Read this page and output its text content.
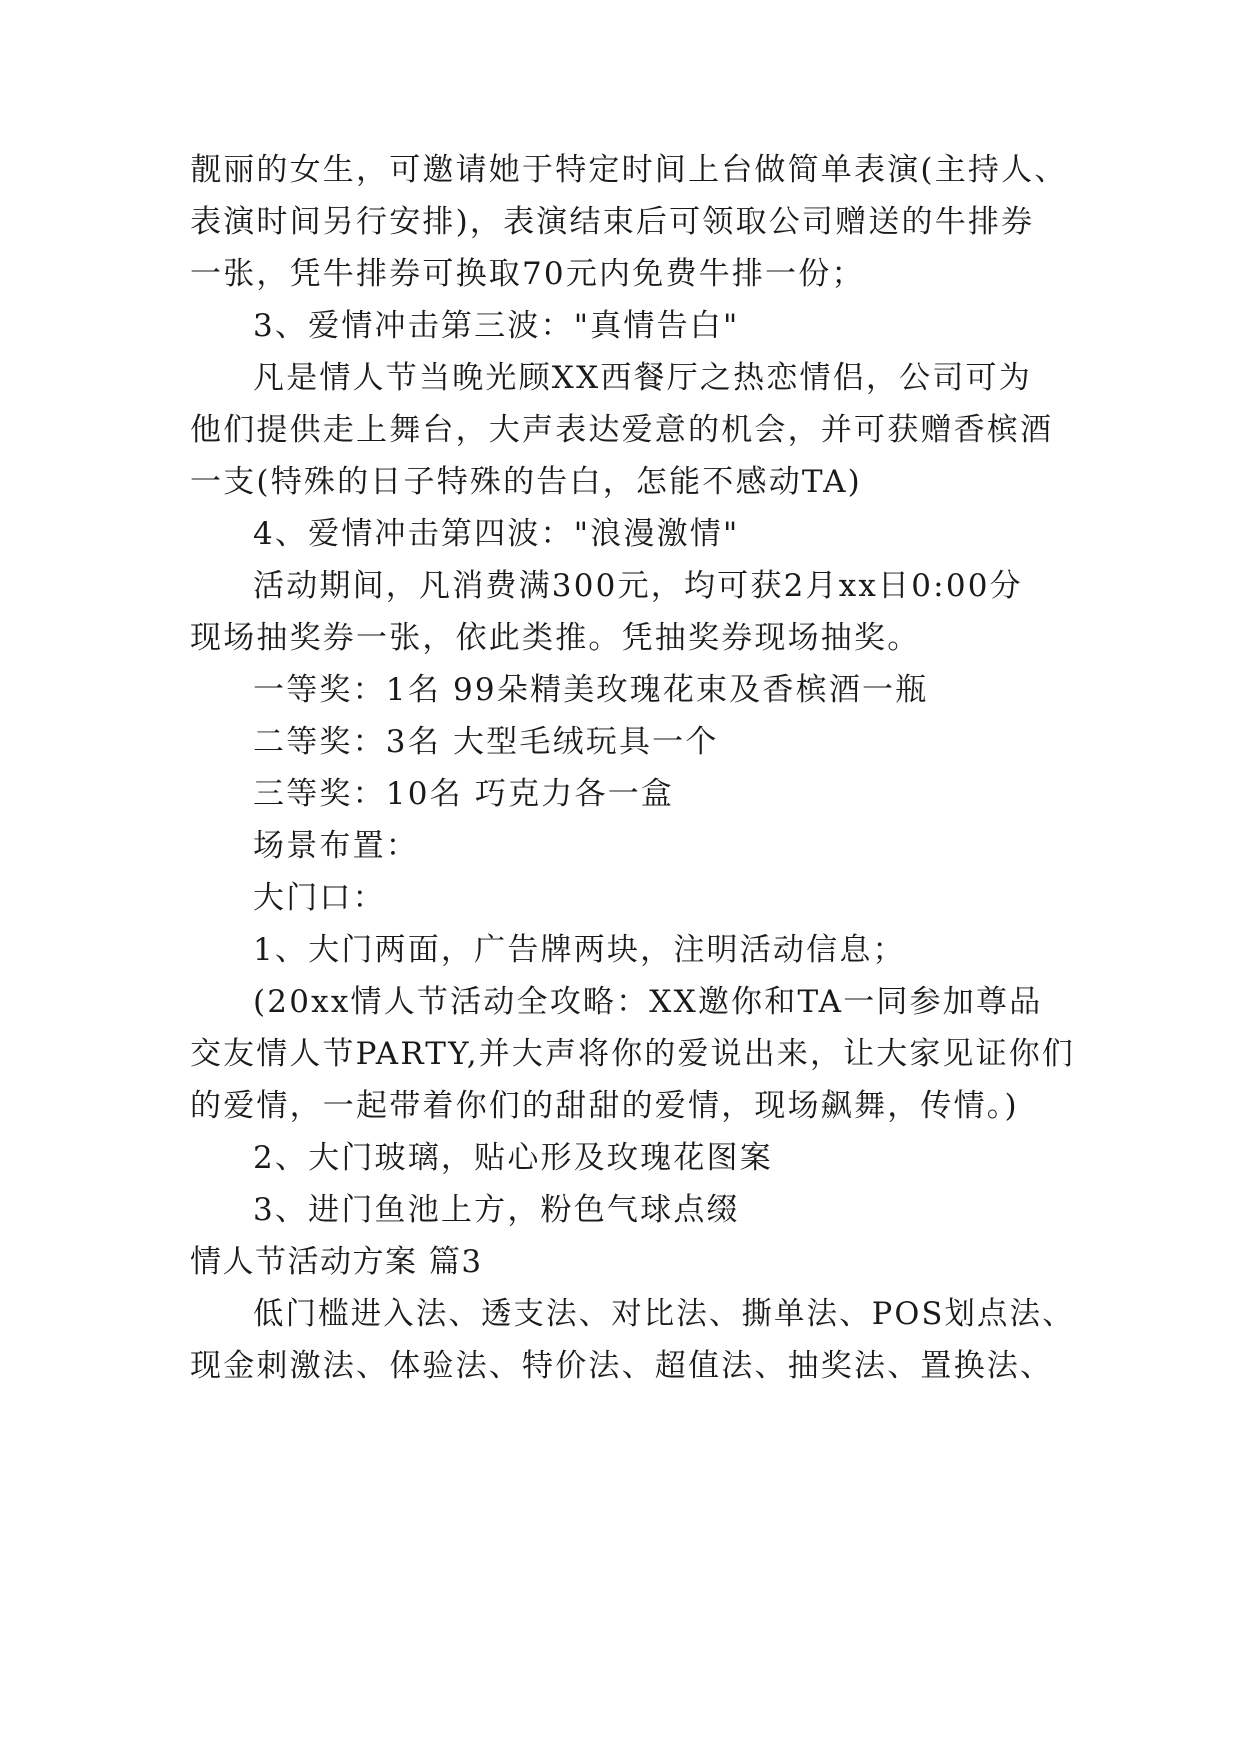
靓丽的女生，可邀请她于特定时间上台做简单表演(主持人、
表演时间另行安排)，表演结束后可领取公司赠送的牛排券
一张，凭牛排券可换取70元内免费牛排一份；
3、爱情冲击第三波："真情告白"
凡是情人节当晚光顾XX西餐厅之热恋情侣，公司可为
他们提供走上舞台，大声表达爱意的机会，并可获赠香槟酒
一支(特殊的日子特殊的告白，怎能不感动TA)
4、爱情冲击第四波："浪漫激情"
活动期间，凡消费满300元，均可获2月xx日0:00分
现场抽奖券一张，依此类推。凭抽奖券现场抽奖。
一等奖：1名 99朵精美玫瑰花束及香槟酒一瓶
二等奖：3名 大型毛绒玩具一个
三等奖：10名 巧克力各一盒
场景布置：
大门口：
1、大门两面，广告牌两块，注明活动信息；
(20xx情人节活动全攻略：XX邀你和TA一同参加尊品
交友情人节PARTY,并大声将你的爱说出来，让大家见证你们
的爱情，一起带着你们的甜甜的爱情，现场飙舞，传情。)
2、大门玻璃，贴心形及玫瑰花图案
3、进门鱼池上方，粉色气球点缀
情人节活动方案 篇3
低门槛进入法、透支法、对比法、撕单法、POS划点法、
现金刺激法、体验法、特价法、超值法、抽奖法、置换法、
